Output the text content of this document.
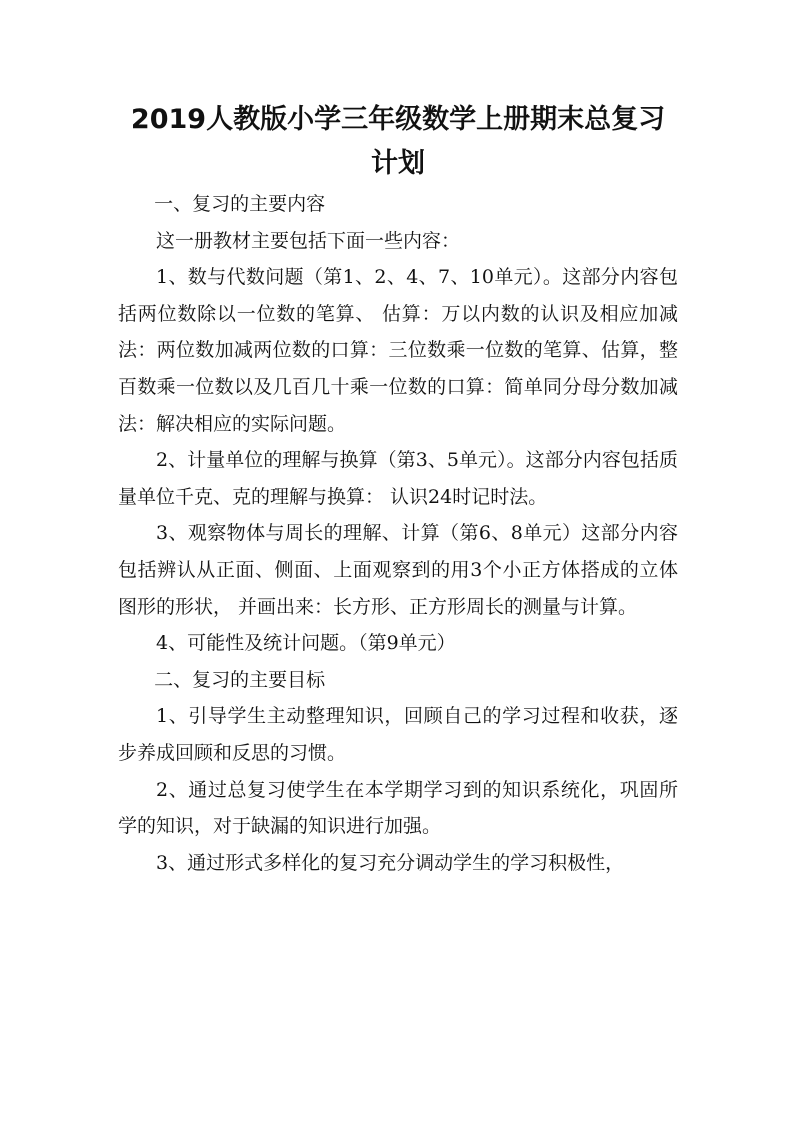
2019人教版小学三年级数学上册期末总复习计划

一、复习的主要内容

这一册教材主要包括下面一些内容：

1、数与代数问题（第1、2、4、7、10单元）。这部分内容包括两位数除以一位数的笔算、 估算：万以内数的认识及相应加减法：两位数加减两位数的口算：三位数乘一位数的笔算、估算，整百数乘一位数以及几百几十乘一位数的口算：简单同分母分数加减法：解决相应的实际问题。

2、计量单位的理解与换算（第3、5单元）。这部分内容包括质量单位千克、克的理解与换算： 认识24时记时法。

3、观察物体与周长的理解、计算（第6、8单元）这部分内容包括辨认从正面、侧面、上面观察到的用3个小正方体搭成的立体图形的形状， 并画出来：长方形、正方形周长的测量与计算。

4、可能性及统计问题。（第9单元）

二、复习的主要目标

1、引导学生主动整理知识，回顾自己的学习过程和收获，逐步养成回顾和反思的习惯。

2、通过总复习使学生在本学期学习到的知识系统化，巩固所学的知识，对于缺漏的知识进行加强。

3、通过形式多样化的复习充分调动学生的学习积极性，
